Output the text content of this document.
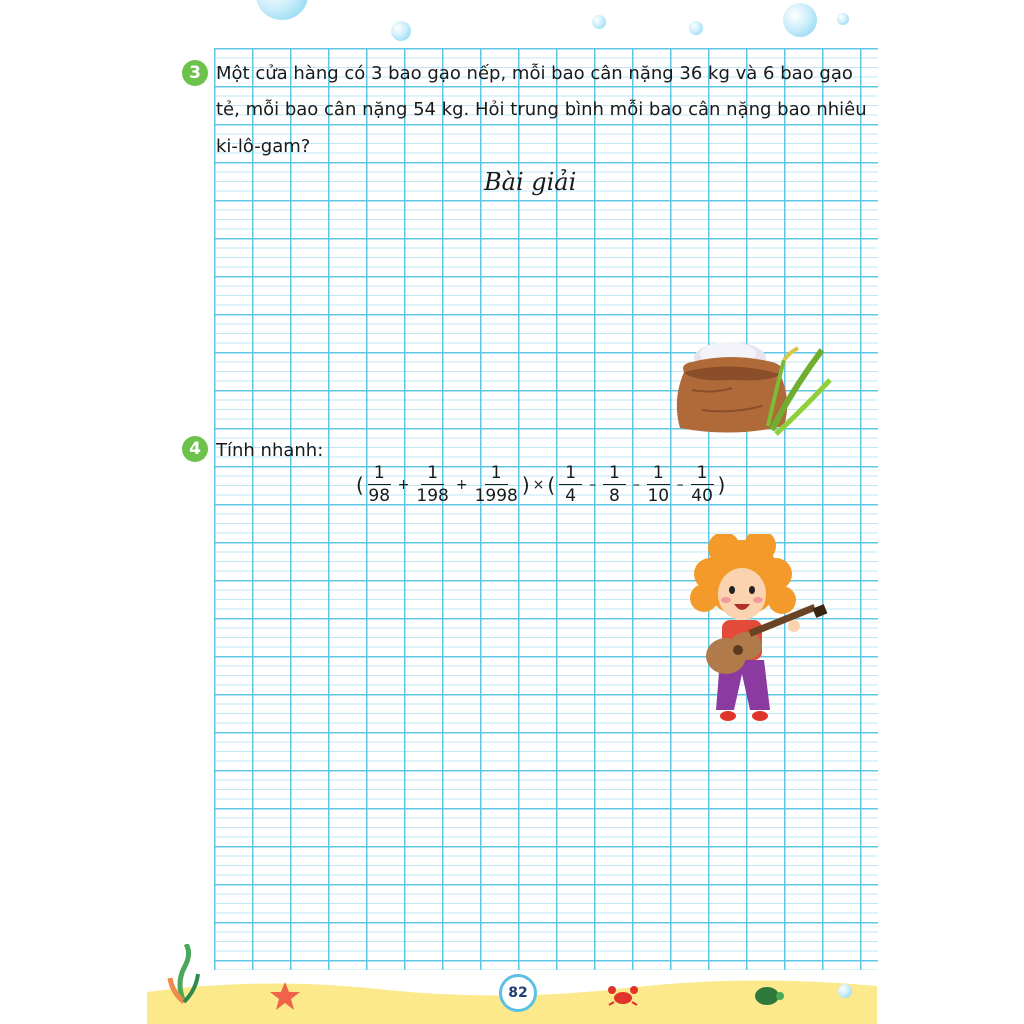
3 Một cửa hàng có 3 bao gạo nếp, mỗi bao cân nặng 36 kg và 6 bao gạo
tẻ, mỗi bao cân nặng 54 kg. Hỏi trung bình mỗi bao cân nặng bao nhiêu
ki-lô-gam?
Bài giải
4 Tính nhanh:
( $\frac{1}{98} + \frac{1}{198} + \frac{1}{1998}$ ) × ( $\frac{1}{4} - \frac{1}{8} - \frac{1}{10} - \frac{1}{40}$ )
82
